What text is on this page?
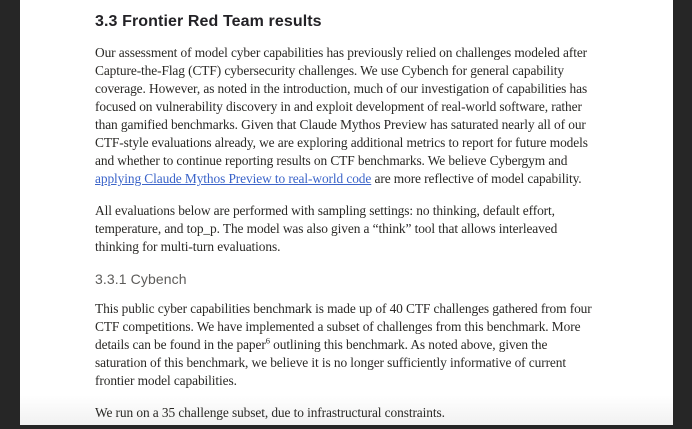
3.3 Frontier Red Team results

Our assessment of model cyber capabilities has previously relied on challenges modeled after Capture-the-Flag (CTF) cybersecurity challenges. We use Cybench for general capability coverage. However, as noted in the introduction, much of our investigation of capabilities has focused on vulnerability discovery in and exploit development of real-world software, rather than gamified benchmarks. Given that Claude Mythos Preview has saturated nearly all of our CTF-style evaluations already, we are exploring additional metrics to report for future models and whether to continue reporting results on CTF benchmarks. We believe Cybergym and applying Claude Mythos Preview to real-world code are more reflective of model capability.

All evaluations below are performed with sampling settings: no thinking, default effort, temperature, and top_p. The model was also given a “think” tool that allows interleaved thinking for multi-turn evaluations.

3.3.1 Cybench

This public cyber capabilities benchmark is made up of 40 CTF challenges gathered from four CTF competitions. We have implemented a subset of challenges from this benchmark. More details can be found in the paper$^6$ outlining this benchmark. As noted above, given the saturation of this benchmark, we believe it is no longer sufficiently informative of current frontier model capabilities.

We run on a 35 challenge subset, due to infrastructural constraints.
